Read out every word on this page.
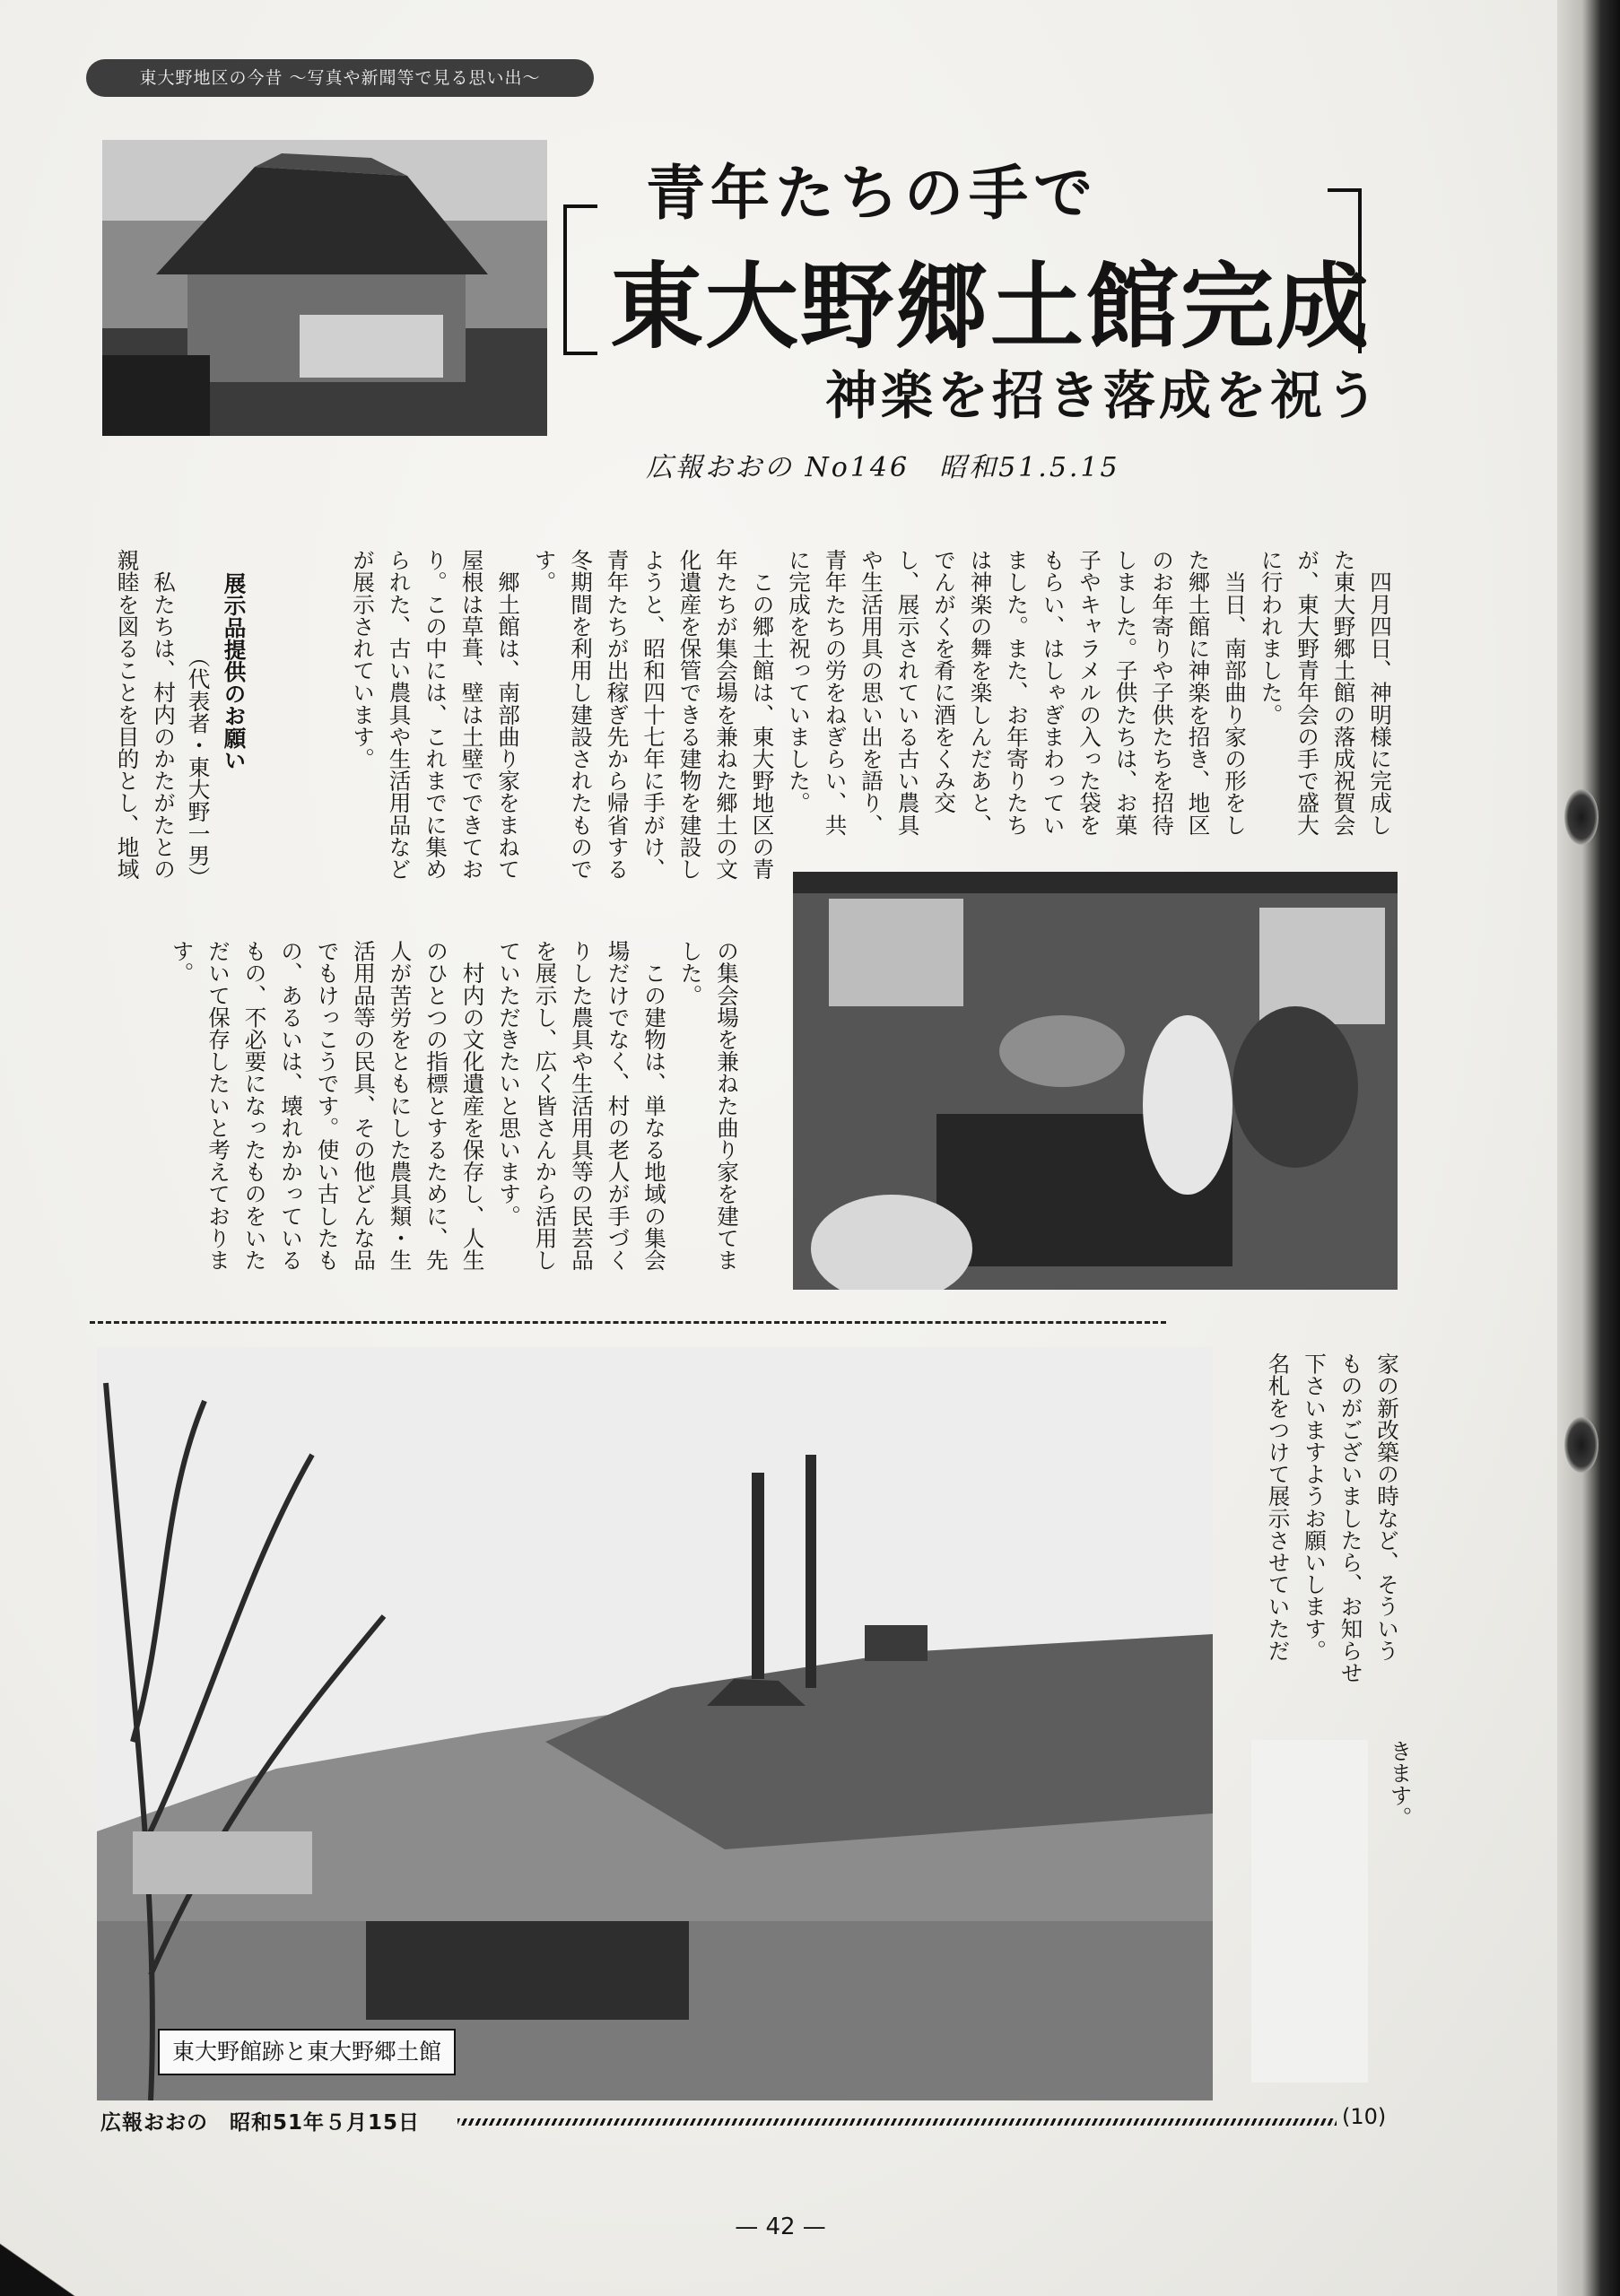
東大野地区の今昔 ～写真や新聞等で見る思い出～
青年たちの手で
東大野郷土館完成
神楽を招き落成を祝う
広報おおの No146　昭和51.5.15
　四月四日、神明様に完成し
た東大野郷土館の落成祝賀会
が、東大野青年会の手で盛大
に行われました。
　当日、南部曲り家の形をし
た郷土館に神楽を招き、地区
のお年寄りや子供たちを招待
しました。子供たちは、お菓
子やキャラメルの入った袋を
もらい、はしゃぎまわってい
ました。また、お年寄りたち
は神楽の舞を楽しんだあと、
でんがくを肴に酒をくみ交
し、展示されている古い農具
や生活用具の思い出を語り、
青年たちの労をねぎらい、共
に完成を祝っていました。
　この郷土館は、東大野地区の青
年たちが集会場を兼ねた郷土の文
化遺産を保管できる建物を建設し
ようと、昭和四十七年に手がけ、
青年たちが出稼ぎ先から帰省する
冬期間を利用し建設されたもので
す。
　郷土館は、南部曲り家をまねて
屋根は草葺、壁は土壁でできてお
り。この中には、これまでに集め
られた、古い農具や生活用品など
が展示されています。
展示品提供のお願い
（代表者・東大野一男）
　私たちは、村内のかたがたとの
親睦を図ることを目的とし、地域
の集会場を兼ねた曲り家を建てま
した。
　この建物は、単なる地域の集会
場だけでなく、村の老人が手づく
りした農具や生活用具等の民芸品
を展示し、広く皆さんから活用し
ていただきたいと思います。
　村内の文化遺産を保存し、人生
のひとつの指標とするために、先
人が苦労をともにした農具類・生
活用品等の民具、その他どんな品
でもけっこうです。使い古したも
の、あるいは、壊れかかっている
もの、不必要になったものをいた
だいて保存したいと考えておりま
す。
東大野館跡と東大野郷土館
家の新改築の時など、そういう
ものがございましたら、お知らせ
下さいますようお願いします。
名札をつけて展示させていただ
きます。
広報おおの　昭和51年５月15日	(10)
— 42 —
